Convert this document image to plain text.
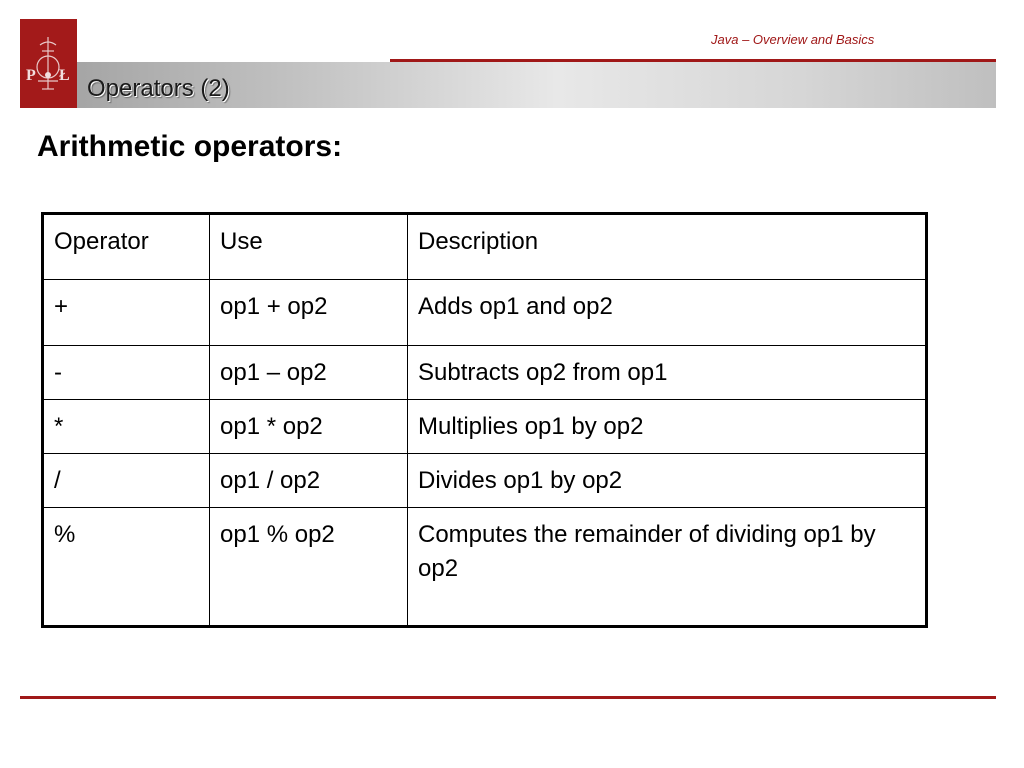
P Ł
Java – Overview and Basics
Operators (2)
Arithmetic operators:
Operator	Use	Description
+	op1 + op2	Adds op1 and op2
-	op1 – op2	Subtracts op2 from op1
*	op1 * op2	Multiplies op1 by op2
/	op1 / op2	Divides op1 by op2
%	op1 % op2	Computes the remainder of dividing op1 by op2
